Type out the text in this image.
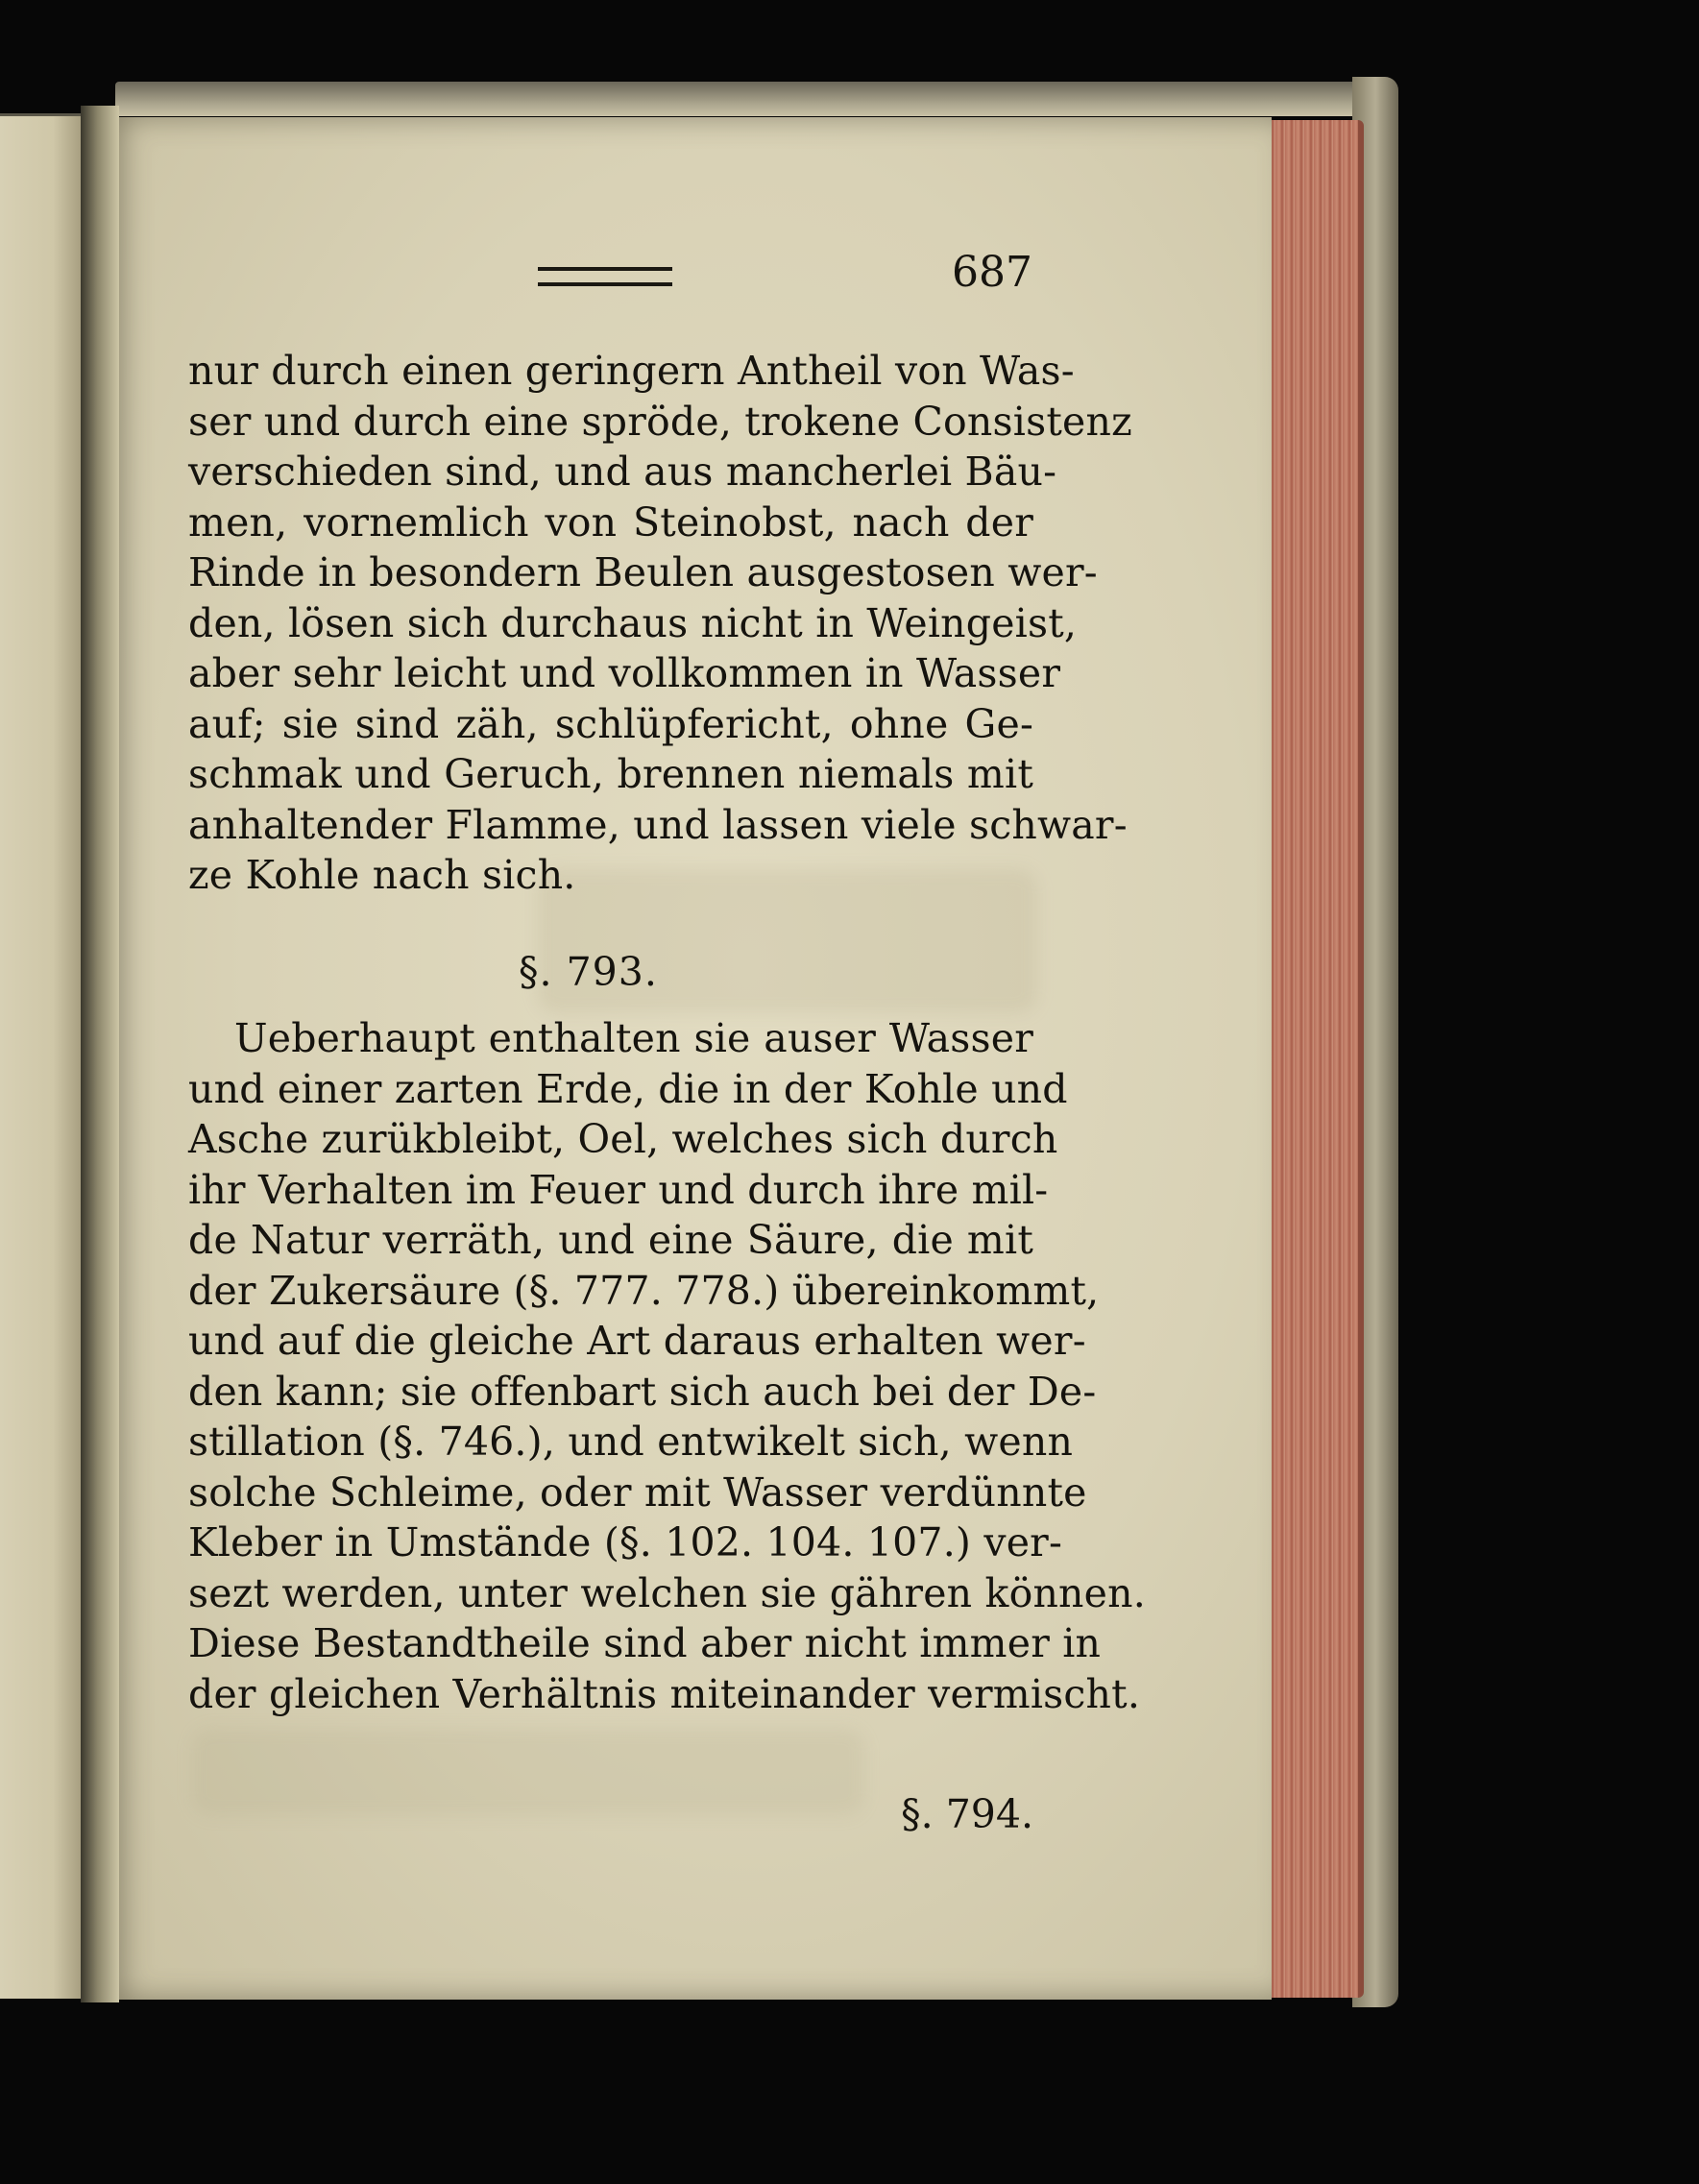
687
nur durch einen geringern Antheil von Was-
ser und durch eine spröde, trokene Consistenz
verschieden sind, und aus mancherlei Bäu-
men, vornemlich von Steinobst, nach der
Rinde in besondern Beulen ausgestosen wer-
den, lösen sich durchaus nicht in Weingeist,
aber sehr leicht und vollkommen in Wasser
auf; sie sind zäh, schlüpfericht, ohne Ge-
schmak und Geruch, brennen niemals mit
anhaltender Flamme, und lassen viele schwar-
ze Kohle nach sich.
§. 793.
Ueberhaupt enthalten sie auser Wasser
und einer zarten Erde, die in der Kohle und
Asche zurükbleibt, Oel, welches sich durch
ihr Verhalten im Feuer und durch ihre mil-
de Natur verräth, und eine Säure, die mit
der Zukersäure (§. 777. 778.) übereinkommt,
und auf die gleiche Art daraus erhalten wer-
den kann; sie offenbart sich auch bei der De-
stillation (§. 746.), und entwikelt sich, wenn
solche Schleime, oder mit Wasser verdünnte
Kleber in Umstände (§. 102. 104. 107.) ver-
sezt werden, unter welchen sie gähren können.
Diese Bestandtheile sind aber nicht immer in
der gleichen Verhältnis miteinander vermischt.
§. 794.
